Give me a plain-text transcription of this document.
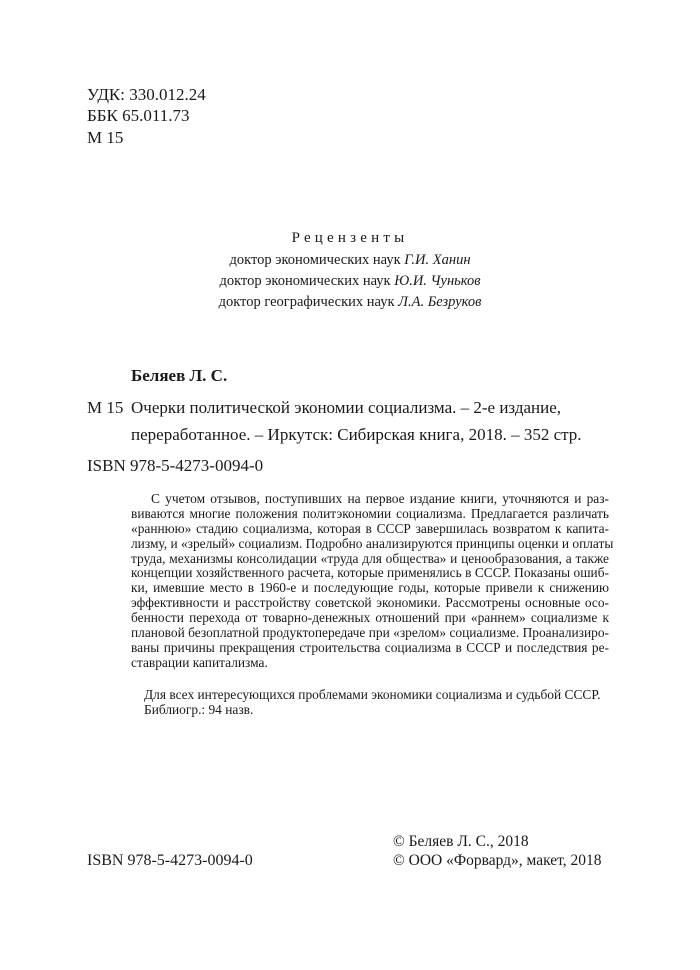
УДК: 330.012.24
ББК 65.011.73
М 15
Рецензенты
доктор экономических наук Г.И. Ханин
доктор экономических наук Ю.И. Чуньков
доктор географических наук Л.А. Безруков
Беляев Л. С.
М 15 Очерки политической экономии социализма. – 2-е издание,
переработанное. – Иркутск: Сибирская книга, 2018. – 352 стр.
ISBN 978-5-4273-0094-0
С учетом отзывов, поступивших на первое издание книги, уточняются и раз-
виваются многие положения политэкономии социализма. Предлагается различать
«раннюю» стадию социализма, которая в СССР завершилась возвратом к капита-
лизму, и «зрелый» социализм. Подробно анализируются принципы оценки и оплаты
труда, механизмы консолидации «труда для общества» и ценообразования, а также
концепции хозяйственного расчета, которые применялись в СССР. Показаны ошиб-
ки, имевшие место в 1960-е и последующие годы, которые привели к снижению
эффективности и расстройству советской экономики. Рассмотрены основные осо-
бенности перехода от товарно-денежных отношений при «раннем» социализме к
плановой безоплатной продуктопередаче при «зрелом» социализме. Проанализиро-
ваны причины прекращения строительства социализма в СССР и последствия ре-
ставрации капитализма.
Для всех интересующихся проблемами экономики социализма и судьбой СССР.
Библиогр.: 94 назв.
ISBN 978-5-4273-0094-0
© Беляев Л. С., 2018
© ООО «Форвард», макет, 2018
